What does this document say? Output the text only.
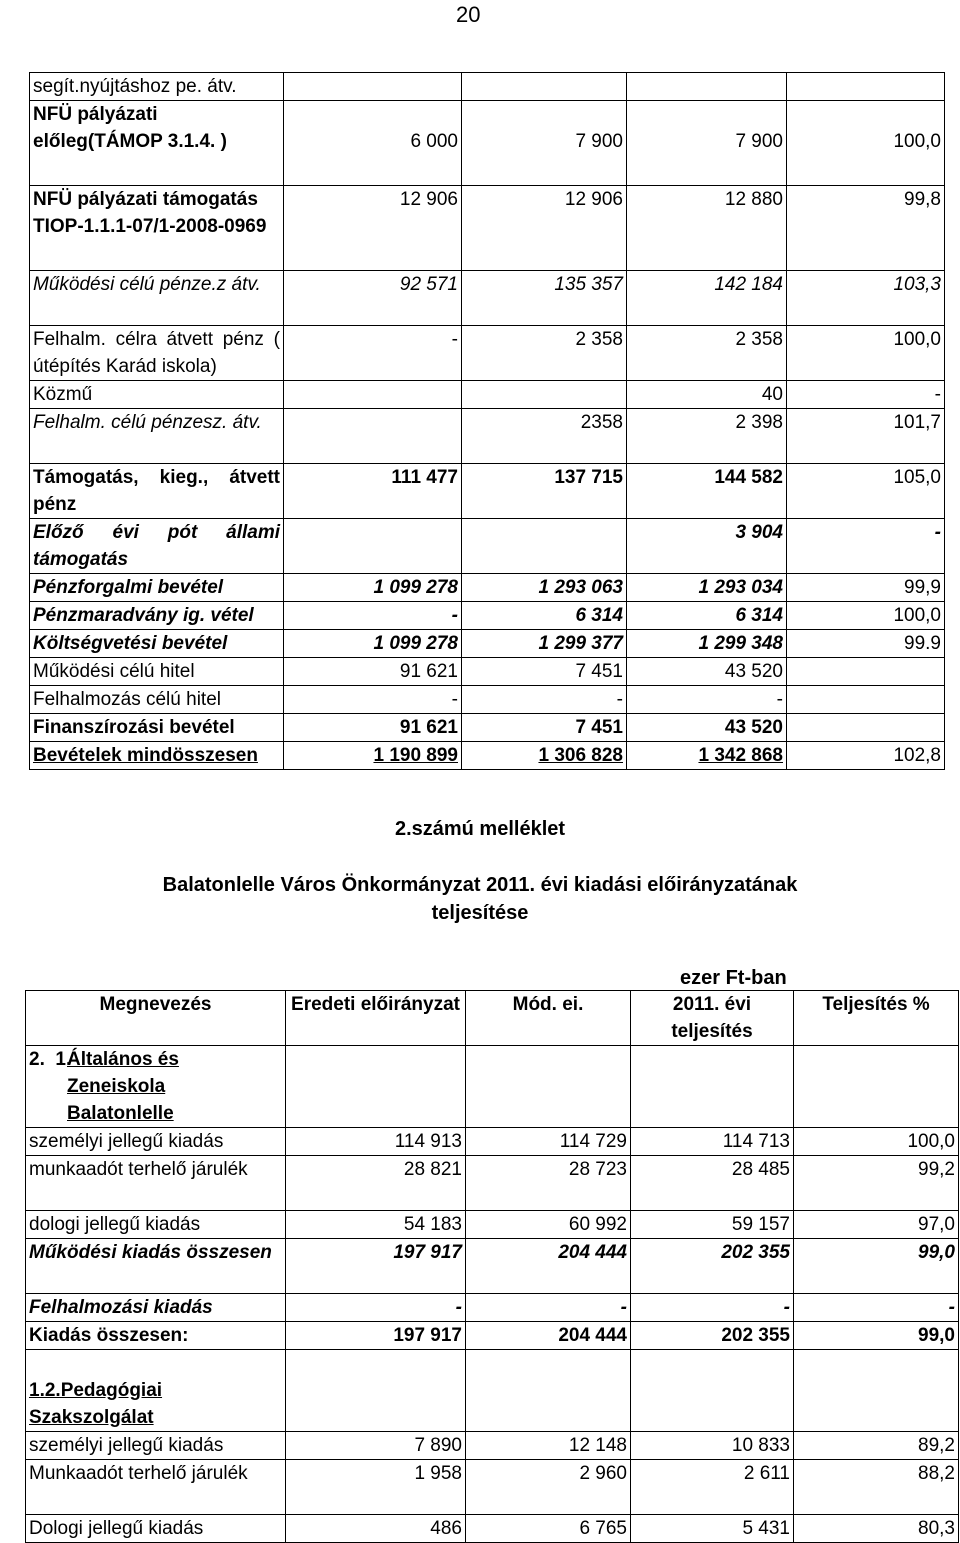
20
segít.nyújtáshoz pe. átv.				
NFÜ pályázati előleg(TÁMOP 3.1.4. )	6 000	7 900	7 900	100,0
NFÜ pályázati támogatás TIOP-1.1.1-07/1-2008-0969	12 906	12 906	12 880	99,8
Működési célú pénze.z átv.	92 571	135 357	142 184	103,3
Felhalm. célra átvett pénz ( útépítés Karád iskola)	-	2 358	2 358	100,0
Közmű			40	-
Felhalm. célú pénzesz. átv.		2358	2 398	101,7
Támogatás, kieg., átvett pénz	111 477	137 715	144 582	105,0
Előző évi pót állami támogatás			3 904	-
Pénzforgalmi bevétel	1 099 278	1 293 063	1 293 034	99,9
Pénzmaradvány ig. vétel	-	6 314	6 314	100,0
Költségvetési bevétel	1 099 278	1 299 377	1 299 348	99.9
Működési célú hitel	91 621	7 451	43 520	
Felhalmozás célú hitel	-	-	-	
Finanszírozási bevétel	91 621	7 451	43 520	
Bevételek mindösszesen	1 190 899	1 306 828	1 342 868	102,8
2.számú melléklet
Balatonlelle Város Önkormányzat 2011. évi kiadási előirányzatának
teljesítése
ezer Ft-ban
Megnevezés	Eredeti előirányzat	Mód. ei.	2011. évi teljesítés	Teljesítés %

2.  1.
Általános és Zeneiskola Balatonlelle				

személyi jellegű kiadás	114 913	114 729	114 713	100,0
munkaadót terhelő járulék	28 821	28 723	28 485	99,2
dologi jellegű kiadás	54 183	60 992	59 157	97,0
Működési kiadás összesen	197 917	204 444	202 355	99,0
Felhalmozási kiadás	-	-	-	-
Kiadás összesen:	197 917	204 444	202 355	99,0

1.2.Pedagógiai Szakszolgálat				

személyi jellegű kiadás	7 890	12 148	10 833	89,2
Munkaadót terhelő járulék	1 958	2 960	2 611	88,2
Dologi jellegű kiadás	486	6 765	5 431	80,3
